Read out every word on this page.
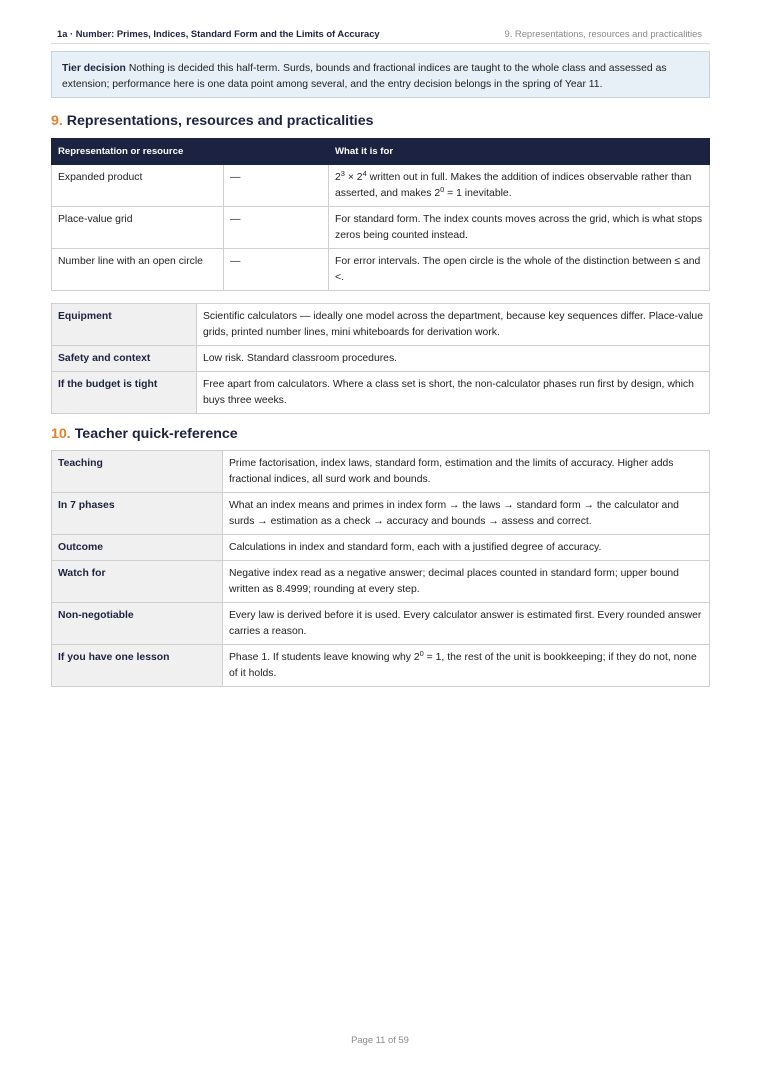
1a · Number: Primes, Indices, Standard Form and the Limits of Accuracy	9. Representations, resources and practicalities
Tier decision Nothing is decided this half-term. Surds, bounds and fractional indices are taught to the whole class and assessed as extension; performance here is one data point among several, and the entry decision belongs in the spring of Year 11.
9. Representations, resources and practicalities
Representation or resource		What it is for
Expanded product	—	$2^3 \times 2^4$ written out in full. Makes the addition of indices observable rather than asserted, and makes $2^0 = 1$ inevitable.
Place-value grid	—	For standard form. The index counts moves across the grid, which is what stops zeros being counted instead.
Number line with an open circle	—	For error intervals. The open circle is the whole of the distinction between ≤ and <.
Equipment	Scientific calculators — ideally one model across the department, because key sequences differ. Place-value grids, printed number lines, mini whiteboards for derivation work.
Safety and context	Low risk. Standard classroom procedures.
If the budget is tight	Free apart from calculators. Where a class set is short, the non-calculator phases run first by design, which buys three weeks.
10. Teacher quick-reference
Teaching	Prime factorisation, index laws, standard form, estimation and the limits of accuracy. Higher adds fractional indices, all surd work and bounds.
In 7 phases	What an index means and primes in index form → the laws → standard form → the calculator and surds → estimation as a check → accuracy and bounds → assess and correct.
Outcome	Calculations in index and standard form, each with a justified degree of accuracy.
Watch for	Negative index read as a negative answer; decimal places counted in standard form; upper bound written as 8.4999; rounding at every step.
Non-negotiable	Every law is derived before it is used. Every calculator answer is estimated first. Every rounded answer carries a reason.
If you have one lesson	Phase 1. If students leave knowing why $2^0 = 1$, the rest of the unit is bookkeeping; if they do not, none of it holds.
Page 11 of 59
